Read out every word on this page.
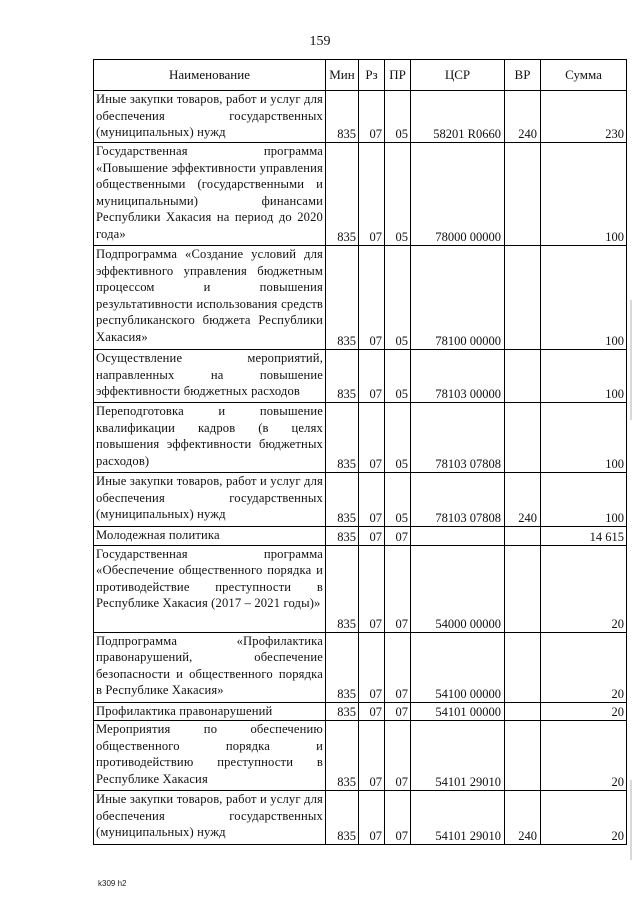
159
Наименование	Мин	Рз	ПР	ЦСР	ВР	Сумма
Иные закупки товаров, работ и услуг для обеспечения государственных (муниципальных) нужд	835	07	05	58201 R0660	240	230
Государственная программа «Повышение эффективности управления общественными (государственными и муниципальными) финансами Республики Хакасия на период до 2020 года»	835	07	05	78000 00000		100
Подпрограмма «Создание условий для эффективного управления бюджетным процессом и повышения результативности использования средств республиканского бюджета Республики Хакасия»	835	07	05	78100 00000		100
Осуществление мероприятий, направленных на повышение эффективности бюджетных расходов	835	07	05	78103 00000		100
Переподготовка и повышение квалификации кадров (в целях повышения эффективности бюджетных расходов)	835	07	05	78103 07808		100
Иные закупки товаров, работ и услуг для обеспечения государственных (муниципальных) нужд	835	07	05	78103 07808	240	100
Молодежная политика	835	07	07			14 615
Государственная программа «Обеспечение общественного порядка и противодействие преступности в Республике Хакасия (2017 – 2021 годы)»	835	07	07	54000 00000		20
Подпрограмма «Профилактика правонарушений, обеспечение безопасности и общественного порядка в Республике Хакасия»	835	07	07	54100 00000		20
Профилактика правонарушений	835	07	07	54101 00000		20
Мероприятия по обеспечению общественного порядка и противодействию преступности в Республике Хакасия	835	07	07	54101 29010		20
Иные закупки товаров, работ и услуг для обеспечения государственных (муниципальных) нужд	835	07	07	54101 29010	240	20
k309 h2
